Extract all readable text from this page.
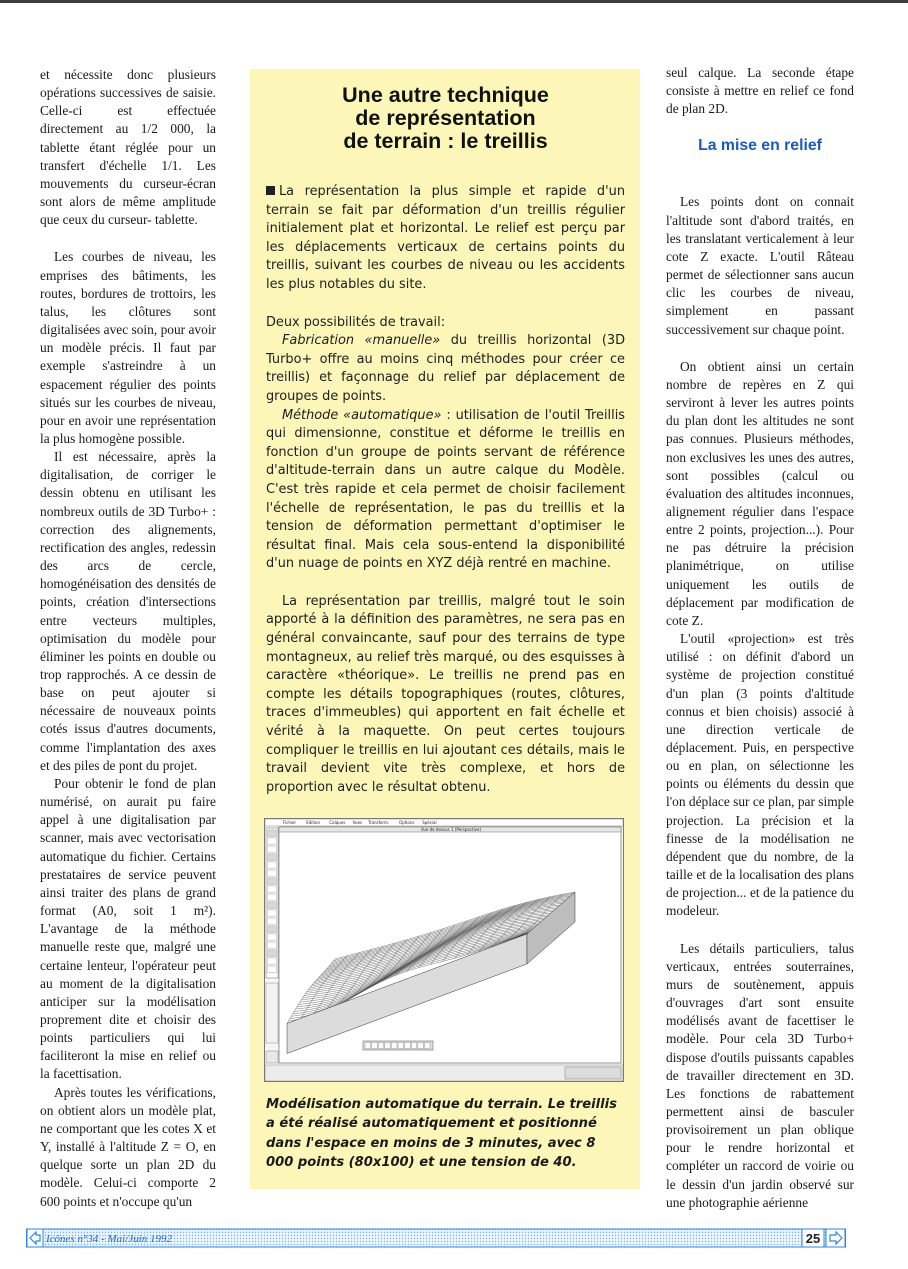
et nécessite donc plusieurs opérations successives de saisie. Celle-ci est effectuée directement au 1/2 000, la tablette étant réglée pour un transfert d'échelle 1/1. Les mouvements du curseur-écran sont alors de même amplitude que ceux du curseur- tablette.

Les courbes de niveau, les emprises des bâtiments, les routes, bordures de trottoirs, les talus, les clôtures sont digitalisées avec soin, pour avoir un modèle précis. Il faut par exemple s'astreindre à un espacement régulier des points situés sur les courbes de niveau, pour en avoir une représentation la plus homogène possible.

Il est nécessaire, après la digitalisation, de corriger le dessin obtenu en utilisant les nombreux outils de 3D Turbo+ : correction des alignements, rectification des angles, redessin des arcs de cercle, homogénéisation des densités de points, création d'intersections entre vecteurs multiples, optimisation du modèle pour éliminer les points en double ou trop rapprochés. A ce dessin de base on peut ajouter si nécessaire de nouveaux points cotés issus d'autres documents, comme l'implantation des axes et des piles de pont du projet.

Pour obtenir le fond de plan numérisé, on aurait pu faire appel à une digitalisation par scanner, mais avec vectorisation automatique du fichier. Certains prestataires de service peuvent ainsi traiter des plans de grand format (A0, soit 1 m²). L'avantage de la méthode manuelle reste que, malgré une certaine lenteur, l'opérateur peut au moment de la digitalisation anticiper sur la modélisation proprement dite et choisir des points particuliers qui lui faciliteront la mise en relief ou la facettisation.

Après toutes les vérifications, on obtient alors un modèle plat, ne comportant que les cotes X et Y, installé à l'altitude Z = O, en quelque sorte un plan 2D du modèle. Celui-ci comporte 2 600 points et n'occupe qu'un

Une autre technique
de représentation
de terrain : le treillis

La représentation la plus simple et rapide d'un terrain se fait par déformation d'un treillis régulier initialement plat et horizontal. Le relief est perçu par les déplacements verticaux de certains points du treillis, suivant les courbes de niveau ou les accidents les plus notables du site.

Deux possibilités de travail:

Fabrication «manuelle» du treillis horizontal (3D Turbo+ offre au moins cinq méthodes pour créer ce treillis) et façonnage du relief par déplacement de groupes de points.

Méthode «automatique» : utilisation de l'outil Treillis qui dimensionne, constitue et déforme le treillis en fonction d'un groupe de points servant de référence d'altitude-terrain dans un autre calque du Modèle. C'est très rapide et cela permet de choisir facilement l'échelle de représentation, le pas du treillis et la tension de déformation permettant d'optimiser le résultat final. Mais cela sous-entend la disponibilité d'un nuage de points en XYZ déjà rentré en machine.

La représentation par treillis, malgré tout le soin apporté à la définition des paramètres, ne sera pas en général convaincante, sauf pour des terrains de type montagneux, au relief très marqué, ou des esquisses à caractère «théorique». Le treillis ne prend pas en compte les détails topographiques (routes, clôtures, traces d'immeubles) qui apportent en fait échelle et vérité à la maquette. On peut certes toujours compliquer le treillis en lui ajoutant ces détails, mais le travail devient vite très complexe, et hors de proportion avec le résultat obtenu.

Fichier	Edition Calques Vues Transform. Options Spécial
Vue de dessus 1 (Perspective)
Modélisation automatique du terrain. Le treillis a été réalisé automatiquement et positionné dans l'espace en moins de 3 minutes, avec 8 000 points (80x100) et une tension de 40.

seul calque. La seconde étape consiste à mettre en relief ce fond de plan 2D.

Les points dont on connait l'altitude sont d'abord traités, en les translatant verticalement à leur cote Z exacte. L'outil Râteau permet de sélectionner sans aucun clic les courbes de niveau, simplement en passant successivement sur chaque point.

On obtient ainsi un certain nombre de repères en Z qui serviront à lever les autres points du plan dont les altitudes ne sont pas connues. Plusieurs méthodes, non exclusives les unes des autres, sont possibles (calcul ou évaluation des altitudes inconnues, alignement régulier dans l'espace entre 2 points, projection...). Pour ne pas détruire la précision planimétrique, on utilise uniquement les outils de déplacement par modification de cote Z.

L'outil «projection» est très utilisé : on définit d'abord un système de projection constitué d'un plan (3 points d'altitude connus et bien choisis) associé à une direction verticale de déplacement. Puis, en perspective ou en plan, on sélectionne les points ou éléments du dessin que l'on déplace sur ce plan, par simple projection. La précision et la finesse de la modélisation ne dépendent que du nombre, de la taille et de la localisation des plans de projection... et de la patience du modeleur.

Les détails particuliers, talus verticaux, entrées souterraines, murs de soutènement, appuis d'ouvrages d'art sont ensuite modélisés avant de facettiser le modèle. Pour cela 3D Turbo+ dispose d'outils puissants capables de travailler directement en 3D. Les fonctions de rabattement permettent ainsi de basculer provisoirement un plan oblique pour le rendre horizontal et compléter un raccord de voirie ou le dessin d'un jardin observé sur une photographie aérienne

La mise en relief
Icônes n°34 - Mai/Juin 1992	25
